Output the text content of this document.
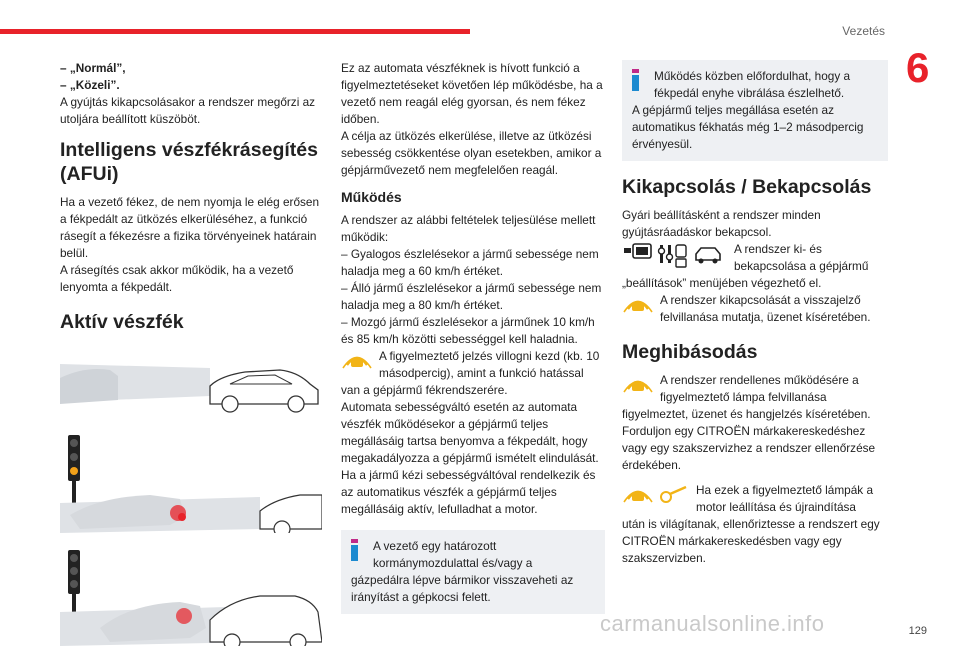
Vezetés
6

– „Normál”,

– „Közeli”.

A gyújtás kikapcsolásakor a rendszer megőrzi az utoljára beállított küszöböt.

Intelligens vészfékrásegítés (AFUi)

Ha a vezető fékez, de nem nyomja le elég erősen a fékpedált az ütközés elkerüléséhez, a funkció rásegít a fékezésre a fizika törvényeinek határain belül.

A rásegítés csak akkor működik, ha a vezető lenyomta a fékpedált.

Aktív vészfék

Ez az automata vészféknek is hívott funkció a figyelmeztetéseket követően lép működésbe, ha a vezető nem reagál elég gyorsan, és nem fékez időben.

A célja az ütközés elkerülése, illetve az ütközési sebesség csökkentése olyan esetekben, amikor a gépjárművezető nem megfelelően reagál.

Működés

A rendszer az alábbi feltételek teljesülése mellett működik:

– Gyalogos észlelésekor a jármű sebessége nem haladja meg a 60 km/h értéket.

– Álló jármű észlelésekor a jármű sebessége nem haladja meg a 80 km/h értéket.

– Mozgó jármű észlelésekor a járműnek 10 km/h és 85 km/h közötti sebességgel kell haladnia.

A figyelmeztető jelzés villogni kezd (kb. 10 másodpercig), amint a funkció hatással

van a gépjármű fékrendszerére.

Automata sebességváltó esetén az automata vészfék működésekor a gépjármű teljes megállásáig tartsa benyomva a fékpedált, hogy megakadályozza a gépjármű ismételt elindulását.

Ha a jármű kézi sebességváltóval rendelkezik és az automatikus vészfék a gépjármű teljes megállásáig aktív, lefulladhat a motor.

A vezető egy határozott kormánymozdulattal és/vagy a

gázpedálra lépve bármikor visszaveheti az irányítást a gépkocsi felett.

Működés közben előfordulhat, hogy a fékpedál enyhe vibrálása észlelhető.

A gépjármű teljes megállása esetén az automatikus fékhatás még 1–2 másodpercig érvényesül.

Kikapcsolás / Bekapcsolás

Gyári beállításként a rendszer minden gyújtásráadáskor bekapcsol.

A rendszer ki- és bekapcsolása a gépjármű

„beállítások” menüjében végezhető el.

A rendszer kikapcsolását a visszajelző felvillanása mutatja, üzenet kíséretében.
Meghibásodás
A rendszer rendellenes működésére a figyelmeztető lámpa felvillanása

figyelmeztet, üzenet és hangjelzés kíséretében. Forduljon egy CITROËN márkakereskedéshez vagy egy szakszervizhez a rendszer ellenőrzése érdekében.

Ha ezek a figyelmeztető lámpák a motor leállítása és újraindítása

után is világítanak, ellenőriztesse a rendszert egy CITROËN márkakereskedésben vagy egy szakszervizben.

carmanualsonline.info	129
